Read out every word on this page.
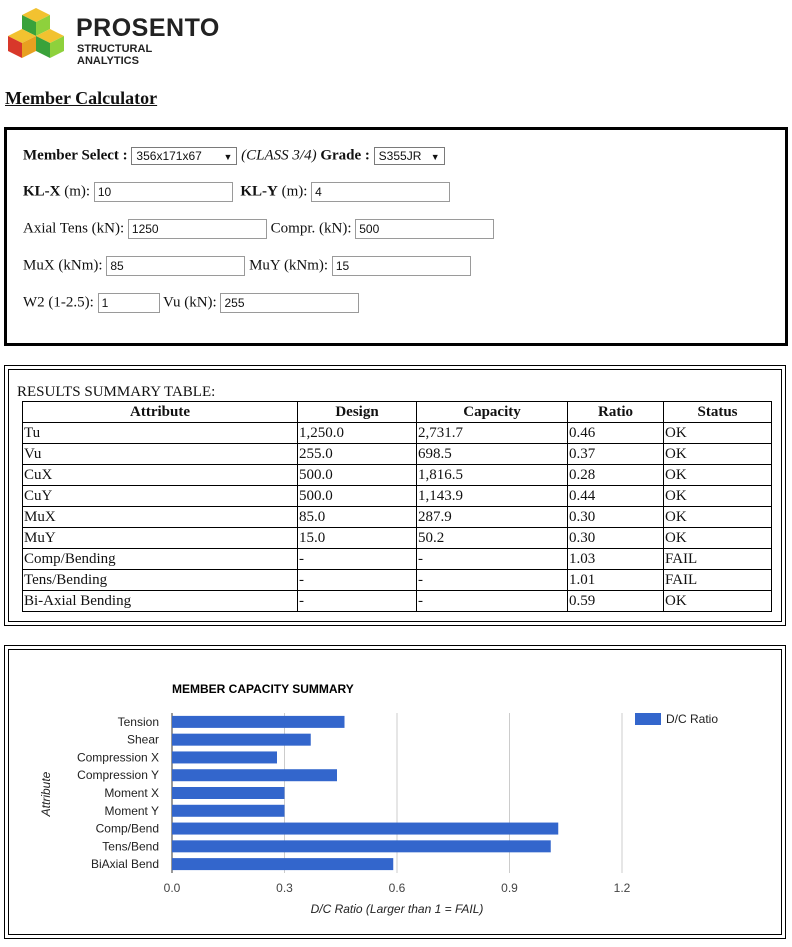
PROSENTO
STRUCTURAL ANALYTICS
Member Calculator
Member Select : 356x171x67 ▼ (CLASS 3/4) Grade : S355JR ▼
KL-X (m): 10	KL-Y (m): 4
Axial Tens (kN): 1250	Compr. (kN): 500
MuX (kNm): 85	MuY (kNm): 15
W2 (1-2.5): 1	Vu (kN): 255
RESULTS SUMMARY TABLE:
Attribute	Design	Capacity	Ratio	Status
Tu	1,250.0	2,731.7	0.46	OK
Vu	255.0	698.5	0.37	OK
CuX	500.0	1,816.5	0.28	OK
CuY	500.0	1,143.9	0.44	OK
MuX	85.0	287.9	0.30	OK
MuY	15.0	50.2	0.30	OK
Comp/Bending	-	-	1.03	FAIL
Tens/Bending	-	-	1.01	FAIL
Bi-Axial Bending	-	-	0.59	OK
0.0	0.3	0.6	0.9	1.2
Tension
Shear
Compression X
Compression Y
Moment X
Moment Y
Comp/Bend
Tens/Bend
BiAxial Bend
MEMBER CAPACITY SUMMARY
D/C Ratio (Larger than 1 = FAIL)
Attribute
D/C Ratio
